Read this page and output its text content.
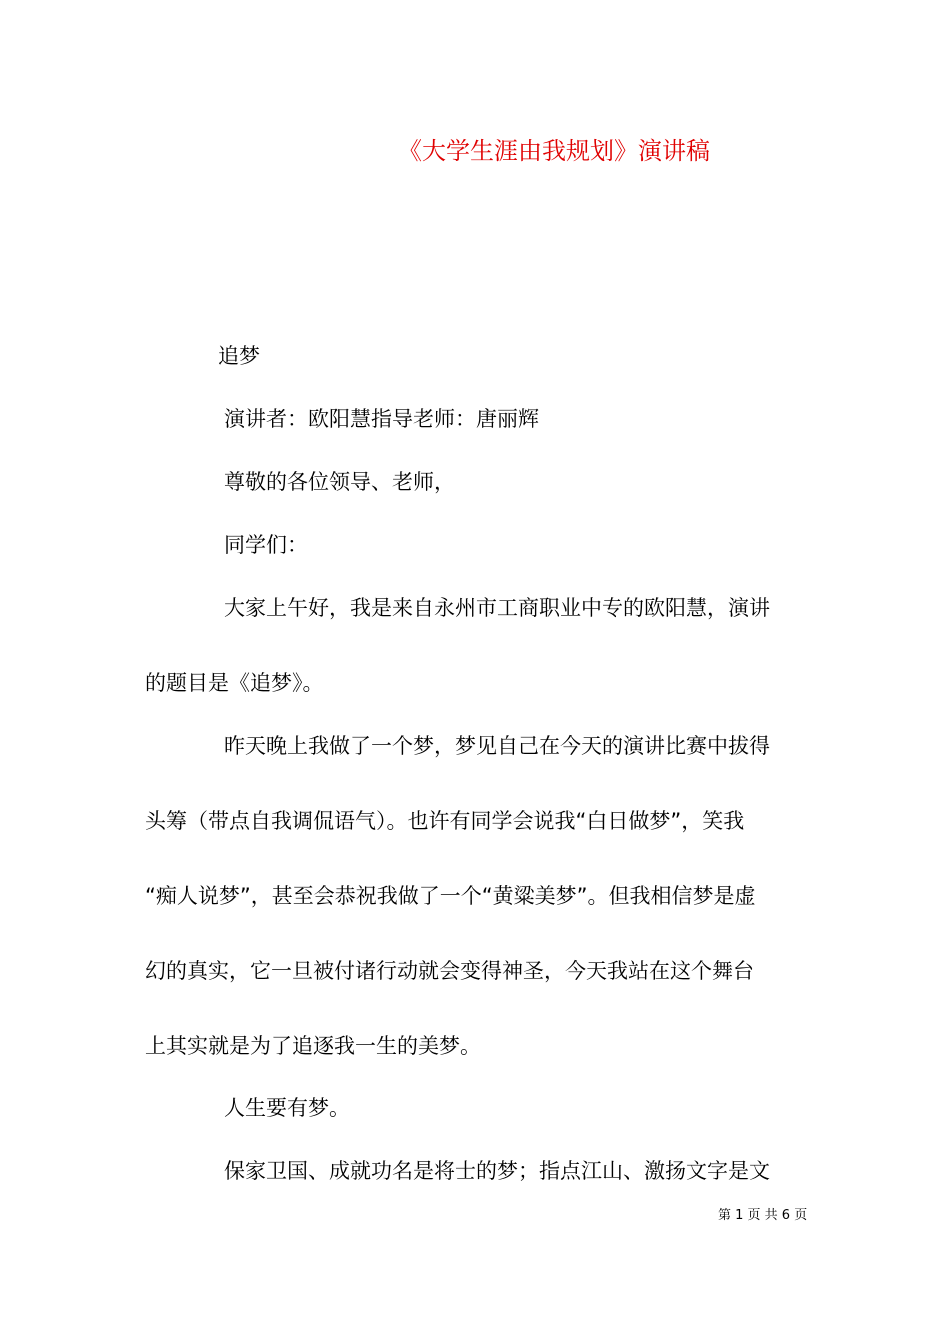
《大学生涯由我规划》演讲稿
追梦
演讲者：欧阳慧指导老师：唐丽辉
尊敬的各位领导、老师，
同学们：
大家上午好，我是来自永州市工商职业中专的欧阳慧，演讲
的题目是《追梦》。
昨天晚上我做了一个梦，梦见自己在今天的演讲比赛中拔得
头筹（带点自我调侃语气）。也许有同学会说我“白日做梦”，笑我
“痴人说梦”，甚至会恭祝我做了一个“黄粱美梦”。但我相信梦是虚
幻的真实，它一旦被付诸行动就会变得神圣，今天我站在这个舞台
上其实就是为了追逐我一生的美梦。
人生要有梦。
保家卫国、成就功名是将士的梦；指点江山、激扬文字是文
第 1 页 共 6 页
